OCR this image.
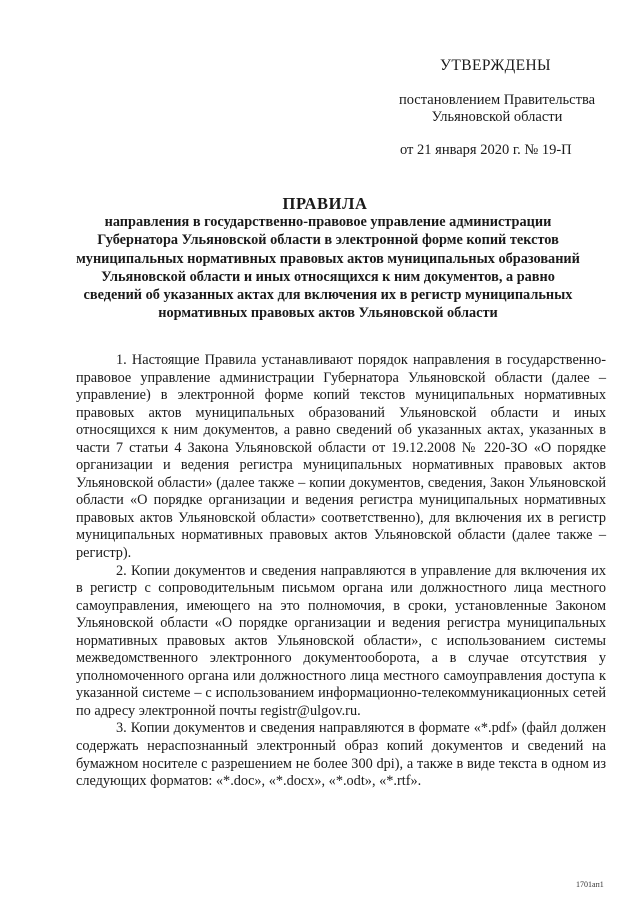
УТВЕРЖДЕНЫ
постановлением Правительства Ульяновской области
от 21 января 2020 г. № 19-П
ПРАВИЛА
направления в государственно-правовое управление администрации Губернатора Ульяновской области в электронной форме копий текстов муниципальных нормативных правовых актов муниципальных образований Ульяновской области и иных относящихся к ним документов, а равно сведений об указанных актах для включения их в регистр муниципальных нормативных правовых актов Ульяновской области

1. Настоящие Правила устанавливают порядок направления в государственно-правовое управление администрации Губернатора Ульяновской области (далее – управление) в электронной форме копий текстов муниципальных нормативных правовых актов муниципальных образований Ульяновской области и иных относящихся к ним документов, а равно сведений об указанных актах, указанных в части 7 статьи 4 Закона Ульяновской области от 19.12.2008 № 220-ЗО «О порядке организации и ведения регистра муниципальных нормативных правовых актов Ульяновской области» (далее также – копии документов, сведения, Закон Ульяновской области «О порядке организации и ведения регистра муниципальных нормативных правовых актов Ульяновской области» соответственно), для включения их в регистр муниципальных нормативных правовых актов Ульяновской области (далее также – регистр).

2. Копии документов и сведения направляются в управление для включения их в регистр с сопроводительным письмом органа или должностного лица местного самоуправления, имеющего на это полномочия, в сроки, установленные Законом Ульяновской области «О порядке организации и ведения регистра муниципальных нормативных правовых актов Ульяновской области», с использованием системы межведомственного электронного документооборота, а в случае отсутствия у уполномоченного органа или должностного лица местного самоуправления доступа к указанной системе – с использованием информационно-телекоммуникационных сетей по адресу электронной почты registr@ulgov.ru.

3. Копии документов и сведения направляются в формате «*.pdf» (файл должен содержать нераспознанный электронный образ копий документов и сведений на бумажном носителе с разрешением не более 300 dpi), а также в виде текста в одном из следующих форматов: «*.doc», «*.docx», «*.odt», «*.rtf».

1701ап1
